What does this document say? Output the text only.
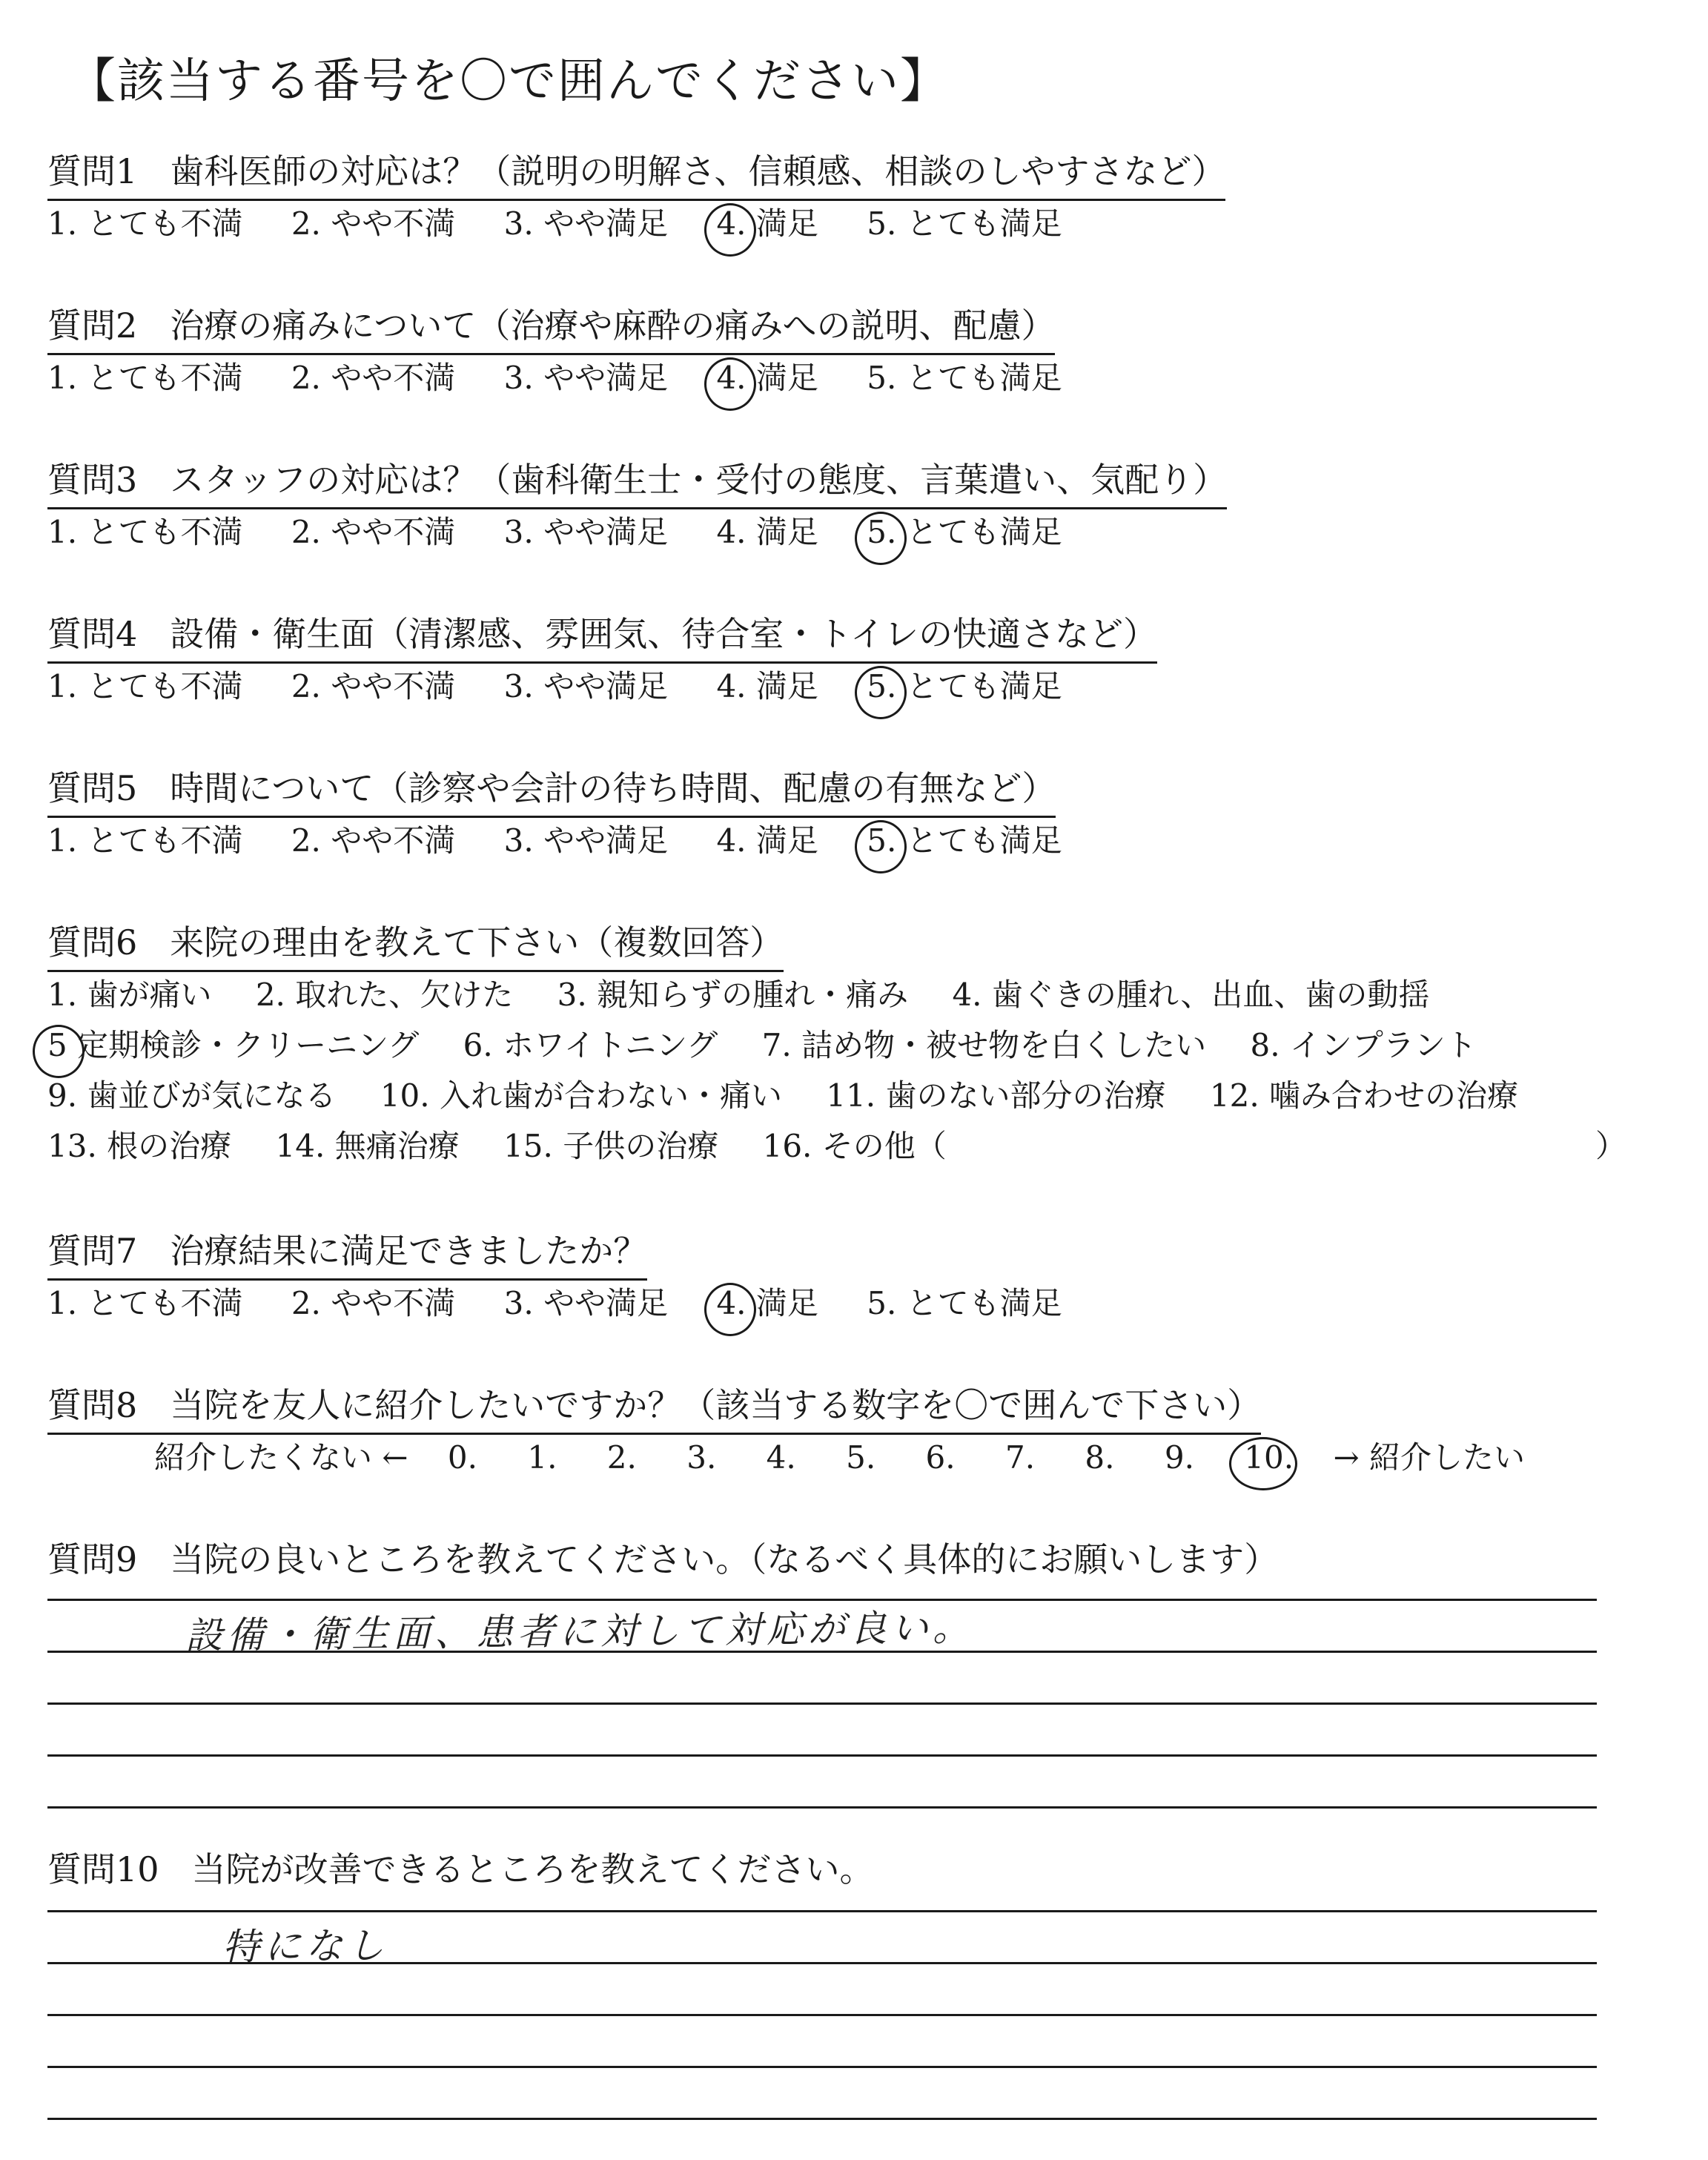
【該当する番号を〇で囲んでください】
質問1 歯科医師の対応は？（説明の明解さ、信頼感、相談のしやすさなど）
1. とても不満 2. やや不満 3. やや満足 4. 満足 5. とても満足
質問2 治療の痛みについて（治療や麻酔の痛みへの説明、配慮）
1. とても不満 2. やや不満 3. やや満足 4. 満足 5. とても満足
質問3 スタッフの対応は？（歯科衛生士・受付の態度、言葉遣い、気配り）
1. とても不満 2. やや不満 3. やや満足 4. 満足 5. とても満足
質問4 設備・衛生面（清潔感、雰囲気、待合室・トイレの快適さなど）
1. とても不満 2. やや不満 3. やや満足 4. 満足 5. とても満足
質問5 時間について（診察や会計の待ち時間、配慮の有無など）
1. とても不満 2. やや不満 3. やや満足 4. 満足 5. とても満足
質問6 来院の理由を教えて下さい（複数回答）
1. 歯が痛い 2. 取れた、欠けた 3. 親知らずの腫れ・痛み 4. 歯ぐきの腫れ、出血、歯の動揺
5 定期検診・クリーニング 6. ホワイトニング 7. 詰め物・被せ物を白くしたい 8. インプラント
9. 歯並びが気になる 10. 入れ歯が合わない・痛い 11. 歯のない部分の治療 12. 噛み合わせの治療
13. 根の治療 14. 無痛治療 15. 子供の治療 16. その他（	）
質問7 治療結果に満足できましたか？
1. とても不満 2. やや不満 3. やや満足 4. 満足 5. とても満足
質問8 当院を友人に紹介したいですか？（該当する数字を〇で囲んで下さい）
紹介したくない ← 0. 1. 2. 3. 4. 5. 6. 7. 8. 9. 10. → 紹介したい
質問9 当院の良いところを教えてください。（なるべく具体的にお願いします）
設備・衛生面、患者に対して対応が良い。
質問10 当院が改善できるところを教えてください。
特になし
